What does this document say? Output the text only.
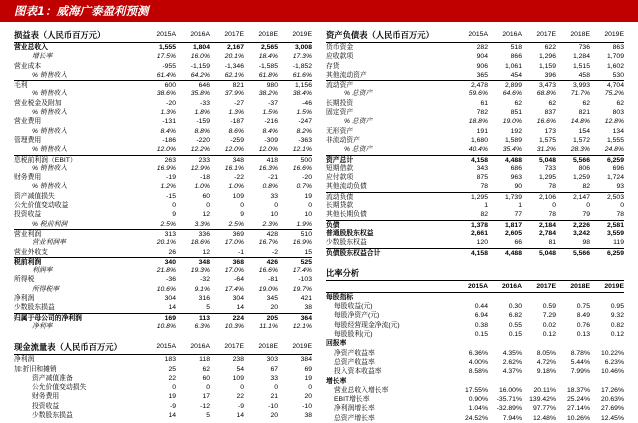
图表1：威海广泰盈利预测
损益表（人民币百万元）	2015A	2016A	2017E	2018E	2019E
营业总收入	1,555	1,804	2,167	2,565	3,008
增长率	17.5%	16.0%	20.1%	18.4%	17.3%
营业成本	-955	-1,159	-1,346	-1,585	-1,852
% 销售收入	61.4%	64.2%	62.1%	61.8%	61.6%
毛利	600	646	821	980	1,156
% 销售收入	38.6%	35.8%	37.9%	38.2%	38.4%
营业税金及附加	-20	-33	-27	-37	-46
% 销售收入	1.3%	1.8%	1.3%	1.5%	1.5%
营业费用	-131	-159	-187	-216	-247
% 销售收入	8.4%	8.8%	8.6%	8.4%	8.2%
管理费用	-186	-220	-259	-309	-363
% 销售收入	12.0%	12.2%	12.0%	12.0%	12.1%
息税前利润（EBIT）	263	233	348	418	500
% 销售收入	16.9%	12.9%	16.1%	16.3%	16.6%
财务费用	-19	-18	-22	-21	-20
% 销售收入	1.2%	1.0%	1.0%	0.8%	0.7%
资产减值损失	-15	60	109	33	19
公允价值变动收益	0	0	0	0	0
投资收益	9	12	9	10	10
% 税前利润	2.5%	3.3%	2.5%	2.3%	1.9%
营业利润	313	336	369	428	510
营业利润率	20.1%	18.6%	17.0%	16.7%	16.9%
营业外收支	26	12	-1	-2	15
税前利润	340	348	368	426	525
利润率	21.8%	19.3%	17.0%	16.6%	17.4%
所得税	-36	-32	-64	-81	-103
所得税率	10.6%	9.1%	17.4%	19.0%	19.7%
净利润	304	316	304	345	421
少数股东损益	14	5	14	20	38
归属于母公司的净利润	169	113	224	205	364
净利率	10.8%	6.3%	10.3%	11.1%	12.1%
现金流量表（人民币百万元）	2015A	2016A	2017E	2018E	2019E
净利润	183	118	238	303	384
加:折旧和摊销	25	62	54	67	69
资产减值准备	22	60	109	33	19
公允价值变动损失	0	0	0	0	0
财务费用	19	17	22	21	20
投资收益	-9	-12	-9	-10	-10
少数股东损益	14	5	14	20	38
资产负债表（人民币百万元）	2015A	2016A	2017E	2018E	2019E
货币资金	282	518	622	736	863
应收款项	904	866	1,296	1,284	1,709
存货	906	1,061	1,159	1,515	1,602
其他流动资产	365	454	396	458	530
流动资产	2,478	2,899	3,473	3,993	4,704
% 总资产	59.6%	64.6%	68.8%	71.7%	75.2%
长期投资	61	62	62	62	62
固定资产	782	851	837	821	803
% 总资产	18.8%	19.0%	16.6%	14.8%	12.8%
无形资产	191	192	173	154	134
非流动资产	1,680	1,589	1,575	1,572	1,555
% 总资产	40.4%	35.4%	31.2%	28.3%	24.8%
资产总计	4,158	4,488	5,048	5,566	6,259
短期借款	343	686	733	806	696
应付款项	875	963	1,295	1,259	1,724
其他流动负债	78	90	78	82	93
流动负债	1,295	1,739	2,106	2,147	2,503
长期贷款	1	1	0	0	0
其他长期负债	82	77	78	79	78
负债	1,378	1,817	2,184	2,226	2,581
普通股股东权益	2,661	2,605	2,784	3,242	3,559
少数股东权益	120	66	81	98	119
负债股东权益合计	4,158	4,488	5,048	5,566	6,259
比率分析
2015A	2016A	2017E	2018E	2019E
每股指标
每股收益(元)	0.44	0.30	0.59	0.75	0.95
每股净资产(元)	6.94	6.82	7.29	8.49	9.32
每股经营现金净流(元)	0.38	0.55	0.02	0.76	0.82
每股股利(元)	0.15	0.15	0.12	0.13	0.12
回报率
净资产收益率	6.36%	4.35%	8.05%	8.78%	10.22%
总资产收益率	4.00%	2.62%	4.72%	5.44%	6.23%
投入资本收益率	8.58%	4.37%	9.18%	7.99%	10.46%
增长率
营业总收入增长率	17.55%	16.00%	20.11%	18.37%	17.26%
EBIT增长率	0.90%	-35.71%	139.42%	25.24%	20.63%
净利润增长率	1.04%	-32.89%	97.77%	27.14%	27.69%
总资产增长率	24.52%	7.94%	12.48%	10.26%	12.45%
